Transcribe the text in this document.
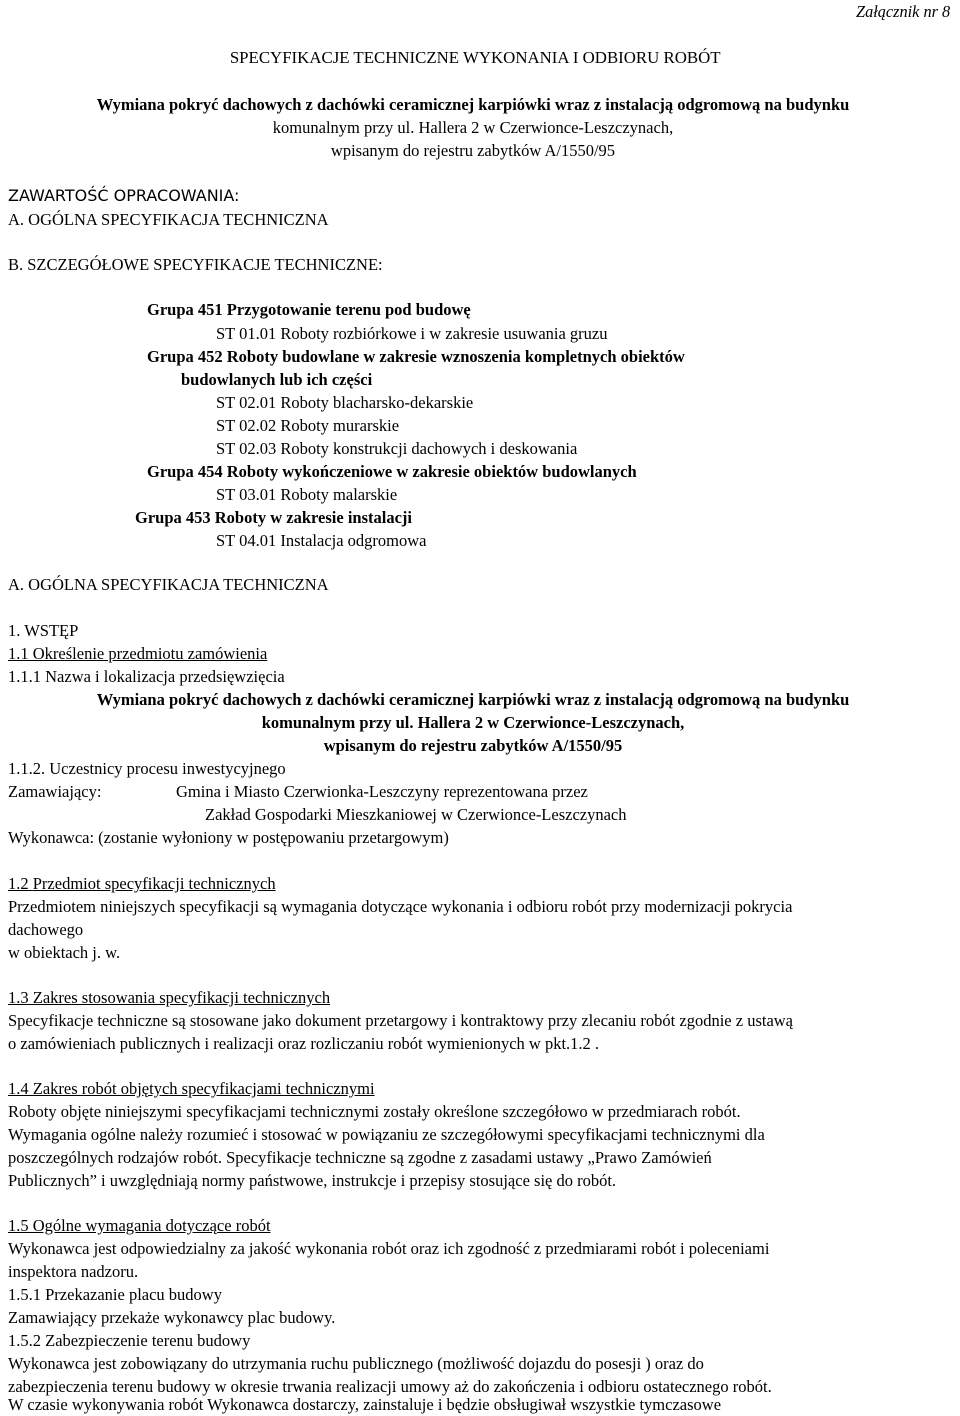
Załącznik nr 8
SPECYFIKACJE TECHNICZNE WYKONANIA I ODBIORU ROBÓT
Wymiana pokryć dachowych z dachówki ceramicznej karpiówki wraz z instalacją odgromową na budynku
komunalnym przy ul. Hallera 2 w Czerwionce-Leszczynach,
wpisanym do rejestru zabytków A/1550/95
ZAWARTOŚĆ OPRACOWANIA:
A. OGÓLNA SPECYFIKACJA TECHNICZNA
B. SZCZEGÓŁOWE SPECYFIKACJE TECHNICZNE:
Grupa 451 Przygotowanie terenu pod budowę
ST 01.01 Roboty rozbiórkowe i w zakresie usuwania gruzu
Grupa 452 Roboty budowlane w zakresie wznoszenia kompletnych obiektów
budowlanych lub ich części
ST 02.01 Roboty blacharsko-dekarskie
ST 02.02 Roboty murarskie
ST 02.03 Roboty konstrukcji dachowych i deskowania
Grupa 454 Roboty wykończeniowe w zakresie obiektów budowlanych
ST 03.01 Roboty malarskie
Grupa 453 Roboty w zakresie instalacji
ST 04.01 Instalacja odgromowa
A. OGÓLNA SPECYFIKACJA TECHNICZNA
1. WSTĘP
1.1 Określenie przedmiotu zamówienia
1.1.1 Nazwa i lokalizacja przedsięwzięcia
Wymiana pokryć dachowych z dachówki ceramicznej karpiówki wraz z instalacją odgromową na budynku
komunalnym przy ul. Hallera 2 w Czerwionce-Leszczynach,
wpisanym do rejestru zabytków A/1550/95
1.1.2. Uczestnicy procesu inwestycyjnego
Zamawiający:	Gmina i Miasto Czerwionka-Leszczyny reprezentowana przez
Zakład Gospodarki Mieszkaniowej w Czerwionce-Leszczynach
Wykonawca: (zostanie wyłoniony w postępowaniu przetargowym)
1.2 Przedmiot specyfikacji technicznych
Przedmiotem niniejszych specyfikacji są wymagania dotyczące wykonania i odbioru robót przy modernizacji pokrycia
dachowego
w obiektach j. w.
1.3 Zakres stosowania specyfikacji technicznych
Specyfikacje techniczne są stosowane jako dokument przetargowy i kontraktowy przy zlecaniu robót zgodnie z ustawą
o zamówieniach publicznych i realizacji oraz rozliczaniu robót wymienionych w pkt.1.2 .
1.4 Zakres robót objętych specyfikacjami technicznymi
Roboty objęte niniejszymi specyfikacjami technicznymi zostały określone szczegółowo w przedmiarach robót.
Wymagania ogólne należy rozumieć i stosować w powiązaniu ze szczegółowymi specyfikacjami technicznymi dla
poszczególnych rodzajów robót. Specyfikacje techniczne są zgodne z zasadami ustawy „Prawo Zamówień
Publicznych” i uwzględniają normy państwowe, instrukcje i przepisy stosujące się do robót.
1.5 Ogólne wymagania dotyczące robót
Wykonawca jest odpowiedzialny za jakość wykonania robót oraz ich zgodność z przedmiarami robót i poleceniami
inspektora nadzoru.
1.5.1 Przekazanie placu budowy
Zamawiający przekaże wykonawcy plac budowy.
1.5.2 Zabezpieczenie terenu budowy
Wykonawca jest zobowiązany do utrzymania ruchu publicznego (możliwość dojazdu do posesji ) oraz do
zabezpieczenia terenu budowy w okresie trwania realizacji umowy aż do zakończenia i odbioru ostatecznego robót.
W czasie wykonywania robót Wykonawca dostarczy, zainstaluje i będzie obsługiwał wszystkie tymczasowe
